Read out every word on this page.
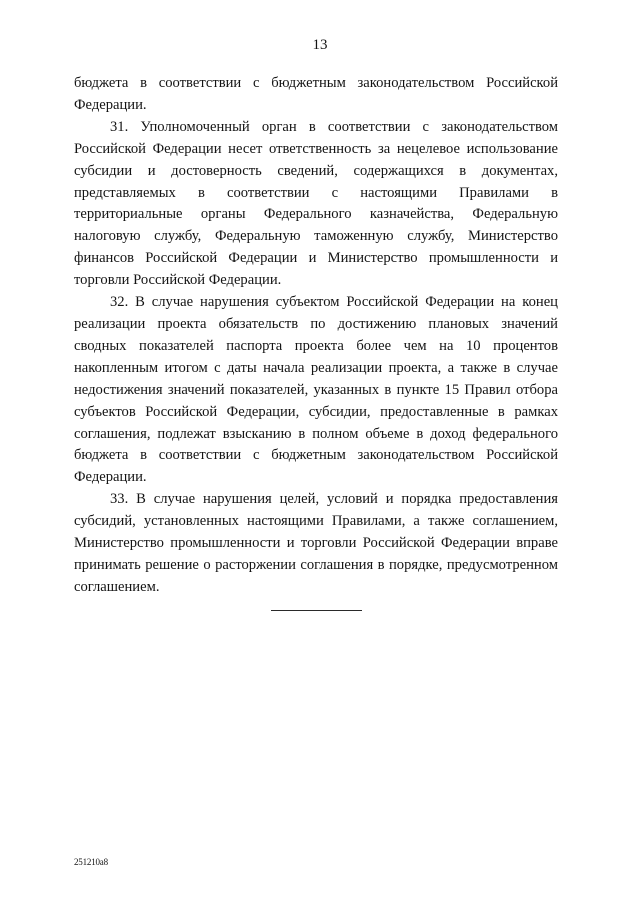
13

бюджета в соответствии с бюджетным законодательством Российской Федерации.

31. Уполномоченный орган в соответствии с законодательством Российской Федерации несет ответственность за нецелевое использование субсидии и достоверность сведений, содержащихся в документах, представляемых в соответствии с настоящими Правилами в территориальные органы Федерального казначейства, Федеральную налоговую службу, Федеральную таможенную службу, Министерство финансов Российской Федерации и Министерство промышленности и торговли Российской Федерации.

32. В случае нарушения субъектом Российской Федерации на конец реализации проекта обязательств по достижению плановых значений сводных показателей паспорта проекта более чем на 10 процентов накопленным итогом с даты начала реализации проекта, а также в случае недостижения значений показателей, указанных в пункте 15 Правил отбора субъектов Российской Федерации, субсидии, предоставленные в рамках соглашения, подлежат взысканию в полном объеме в доход федерального бюджета в соответствии с бюджетным законодательством Российской Федерации.

33. В случае нарушения целей, условий и порядка предоставления субсидий, установленных настоящими Правилами, а также соглашением, Министерство промышленности и торговли Российской Федерации вправе принимать решение о расторжении соглашения в порядке, предусмотренном соглашением.

251210a8
